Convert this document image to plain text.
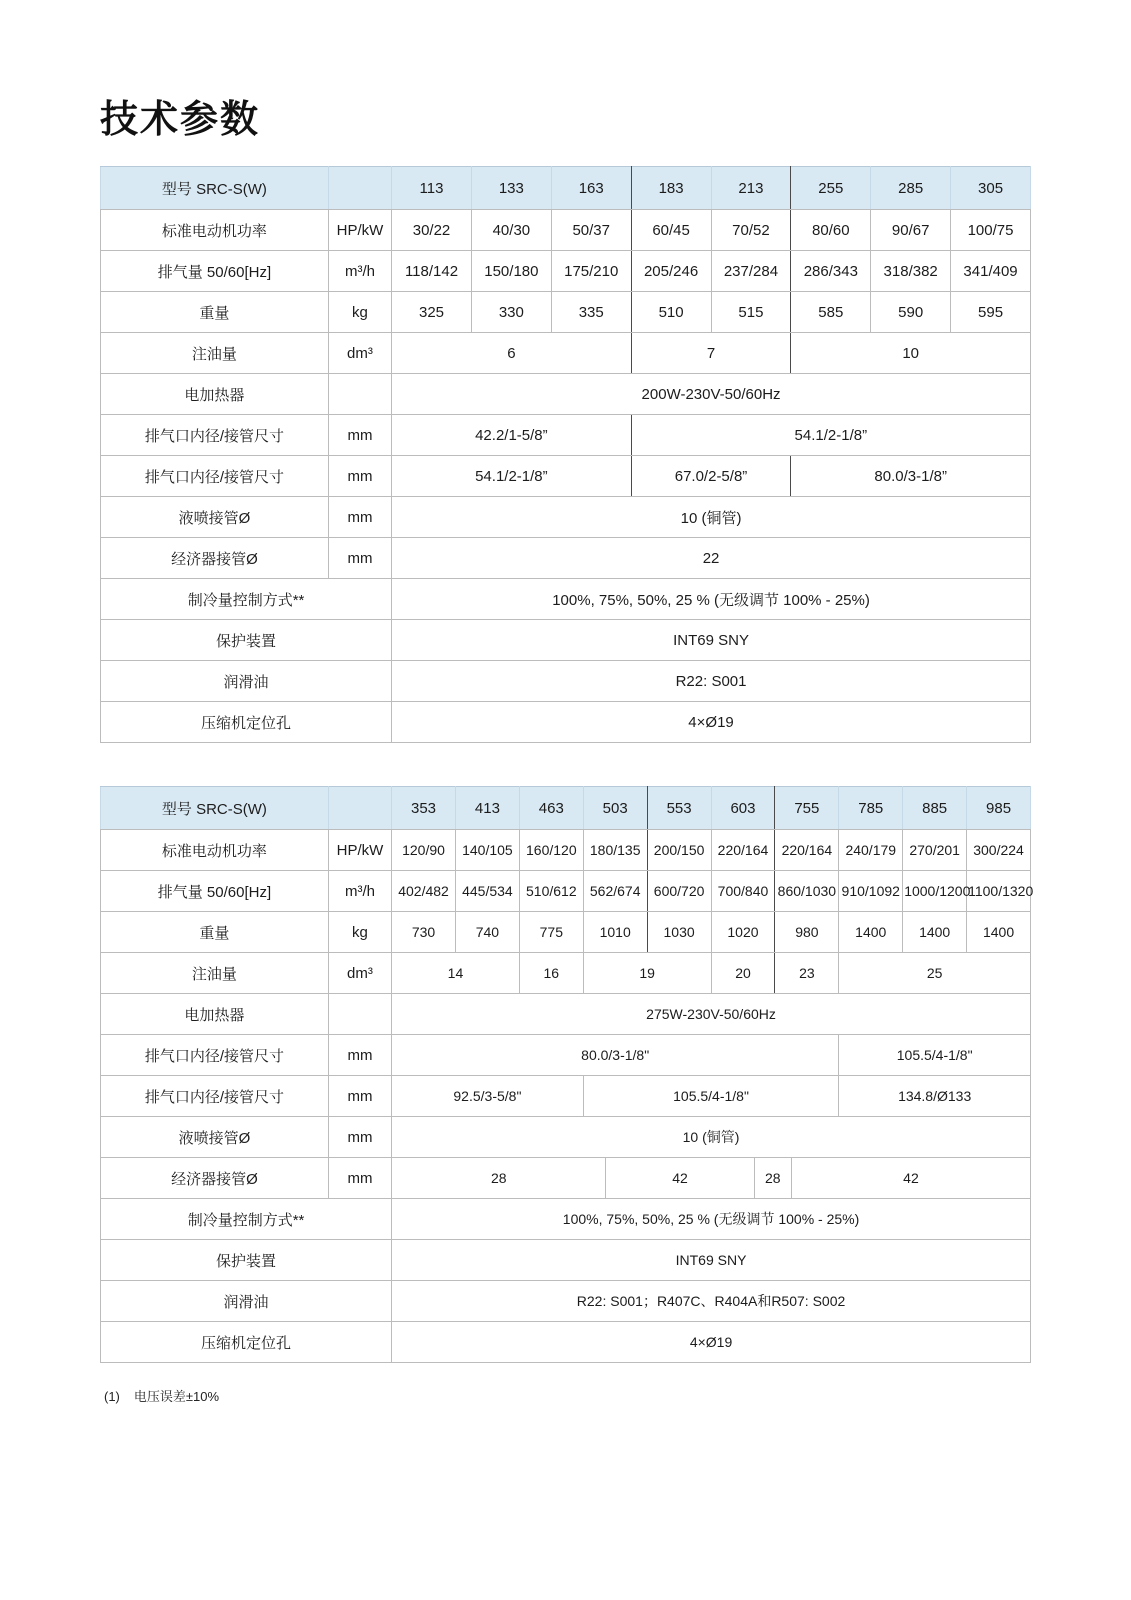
技术参数
型号 SRC-S(W)		113	133	163	183	213	255	285	305
标准电动机功率	HP/kW	30/22	40/30	50/37	60/45	70/52	80/60	90/67	100/75
排气量 50/60[Hz]	m³/h	118/142	150/180	175/210	205/246	237/284	286/343	318/382	341/409
重量	kg	325	330	335	510	515	585	590	595
注油量	dm³	6			7		10		
电加热器		200W-230V-50/60Hz							
排气口内径/接管尺寸	mm	42.2/1-5/8”			54.1/2-1/8”				
排气口内径/接管尺寸	mm	54.1/2-1/8”			67.0/2-5/8”		80.0/3-1/8”		
液喷接管Ø	mm	10 (铜管)							
经济器接管Ø	mm	22							
制冷量控制方式**		100%, 75%, 50%, 25 % (无级调节 100% - 25%)							
保护装置		INT69 SNY							
润滑油		R22: S001							
压缩机定位孔		4×Ø19							
型号 SRC-S(W)		353	413	463	503	553	603	755	785	885	985
标准电动机功率	HP/kW	120/90	140/105	160/120	180/135	200/150	220/164	220/164	240/179	270/201	300/224
排气量 50/60[Hz]	m³/h	402/482	445/534	510/612	562/674	600/720	700/840	860/1030	910/1092	1000/1200	1100/1320
重量	kg	730	740	775	1010	1030	1020	980	1400	1400	1400
注油量	dm³	14		16	19		20	23	25		
电加热器		275W-230V-50/60Hz									
排气口内径/接管尺寸	mm	80.0/3-1/8"							105.5/4-1/8"		
排气口内径/接管尺寸	mm	92.5/3-5/8"			105.5/4-1/8"				134.8/Ø133		
液喷接管Ø	mm	10 (铜管)									
经济器接管Ø	mm	28 42 28 42									

制冷量控制方式**		100%, 75%, 50%, 25 % (无级调节 100% - 25%)									
保护装置		INT69 SNY									
润滑油		R22: S001；R407C、R404A和R507: S002									
压缩机定位孔		4×Ø19									
(1) 电压误差±10%
